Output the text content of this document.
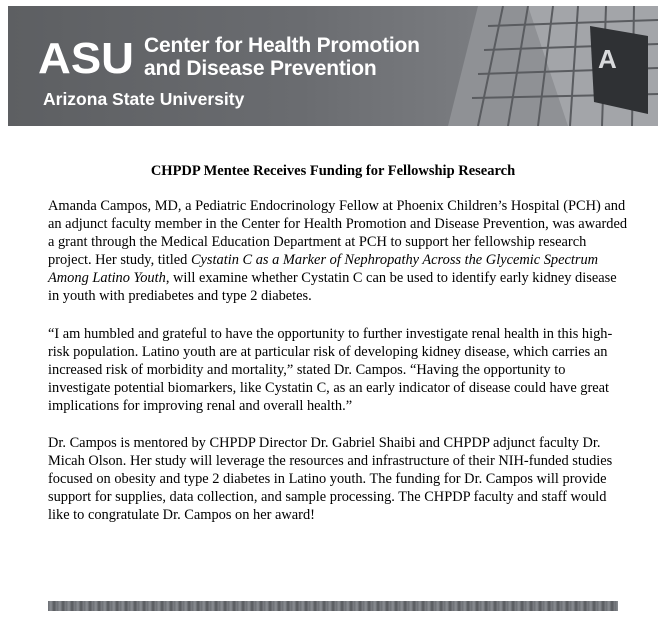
A
ASU Center for Health Promotion
and Disease Prevention
Arizona State University
CHPDP Mentee Receives Funding for Fellowship Research

Amanda Campos, MD, a Pediatric Endocrinology Fellow at Phoenix Children’s Hospital (PCH) and an adjunct faculty member in the Center for Health Promotion and Disease Prevention, was awarded a grant through the Medical Education Department at PCH to support her fellowship research project. Her study, titled Cystatin C as a Marker of Nephropathy Across the Glycemic Spectrum Among Latino Youth, will examine whether Cystatin C can be used to identify early kidney disease in youth with prediabetes and type 2 diabetes.

“I am humbled and grateful to have the opportunity to further investigate renal health in this high-risk population. Latino youth are at particular risk of developing kidney disease, which carries an increased risk of morbidity and mortality,” stated Dr. Campos. “Having the opportunity to investigate potential biomarkers, like Cystatin C, as an early indicator of disease could have great implications for improving renal and overall health.”

Dr. Campos is mentored by CHPDP Director Dr. Gabriel Shaibi and CHPDP adjunct faculty Dr. Micah Olson. Her study will leverage the resources and infrastructure of their NIH-funded studies focused on obesity and type 2 diabetes in Latino youth. The funding for Dr. Campos will provide support for supplies, data collection, and sample processing. The CHPDP faculty and staff would like to congratulate Dr. Campos on her award!
